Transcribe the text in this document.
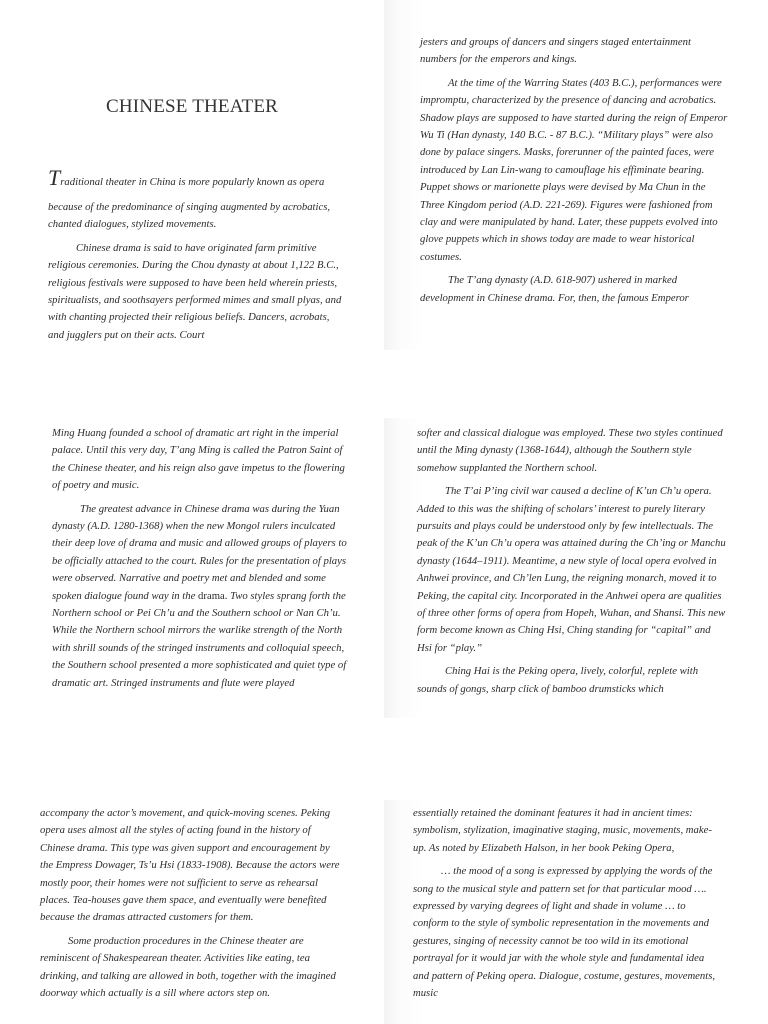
CHINESE THEATER

Traditional theater in China is more popularly known as opera

because of the predominance of singing augmented by acrobatics, chanted dialogues, stylized movements.

Chinese drama is said to have originated farm primitive religious ceremonies. During the Chou dynasty at about 1,122 B.C., religious festivals were supposed to have been held wherein priests, spiritualists, and soothsayers performed mimes and small plyas, and with chanting projected their religious beliefs. Dancers, acrobats, and jugglers put on their acts. Court

jesters and groups of dancers and singers staged entertainment numbers for the emperors and kings.

At the time of the Warring States (403 B.C.), performances were impromptu, characterized by the presence of dancing and acrobatics. Shadow plays are supposed to have started during the reign of Emperor Wu Ti (Han dynasty, 140 B.C. - 87 B.C.). “Military plays” were also done by palace singers. Masks, forerunner of the painted faces, were introduced by Lan Lin-wang to camouflage his effiminate bearing. Puppet shows or marionette plays were devised by Ma Chun in the Three Kingdom period (A.D. 221-269). Figures were fashioned from clay and were manipulated by hand. Later, these puppets evolved into glove puppets which in shows today are made to wear historical costumes.

The T’ang dynasty (A.D. 618-907) ushered in marked development in Chinese drama. For, then, the famous Emperor

Ming Huang founded a school of dramatic art right in the imperial palace. Until this very day, T’ang Ming is called the Patron Saint of the Chinese theater, and his reign also gave impetus to the flowering of poetry and music.

The greatest advance in Chinese drama was during the Yuan dynasty (A.D. 1280-1368) when the new Mongol rulers inculcated their deep love of drama and music and allowed groups of players to be officially attached to the court. Rules for the presentation of plays were observed. Narrative and poetry met and blended and some spoken dialogue found way in the drama. Two styles sprang forth the Northern school or Pei Ch’u and the Southern school or Nan Ch’u. While the Northern school mirrors the warlike strength of the North with shrill sounds of the stringed instruments and colloquial speech, the Southern school presented a more sophisticated and quiet type of dramatic art. Stringed instruments and flute were played

softer and classical dialogue was employed. These two styles continued until the Ming dynasty (1368-1644), although the Southern style somehow supplanted the Northern school.

The T’ai P’ing civil war caused a decline of K’un Ch’u opera. Added to this was the shifting of scholars’ interest to purely literary pursuits and plays could be understood only by few intellectuals. The peak of the K’un Ch’u opera was attained during the Ch’ing or Manchu dynasty (1644–1911). Meantime, a new style of local opera evolved in Anhwei province, and Ch’len Lung, the reigning monarch, moved it to Peking, the capital city. Incorporated in the Anhwei opera are qualities of three other forms of opera from Hopeh, Wuhan, and Shansi. This new form become known as Ching Hsi, Ching standing for “capital” and Hsi for “play.”

Ching Hai is the Peking opera, lively, colorful, replete with sounds of gongs, sharp click of bamboo drumsticks which

accompany the actor’s movement, and quick-moving scenes. Peking opera uses almost all the styles of acting found in the history of Chinese drama. This type was given support and encouragement by the Empress Dowager, Ts’u Hsi (1833-1908). Because the actors were mostly poor, their homes were not sufficient to serve as rehearsal places. Tea-houses gave them space, and eventually were benefited because the dramas attracted customers for them.

Some production procedures in the Chinese theater are reminiscent of Shakespearean theater. Activities like eating, tea drinking, and talking are allowed in both, together with the imagined doorway which actually is a sill where actors step on.

essentially retained the dominant features it had in ancient times: symbolism, stylization, imaginative staging, music, movements, make-up. As noted by Elizabeth Halson, in her book Peking Opera,

… the mood of a song is expressed by applying the words of the song to the musical style and pattern set for that particular mood …. expressed by varying degrees of light and shade in volume … to conform to the style of symbolic representation in the movements and gestures, singing of necessity cannot be too wild in its emotional portrayal for it would jar with the whole style and fundamental idea and pattern of Peking opera. Dialogue, costume, gestures, movements, music
